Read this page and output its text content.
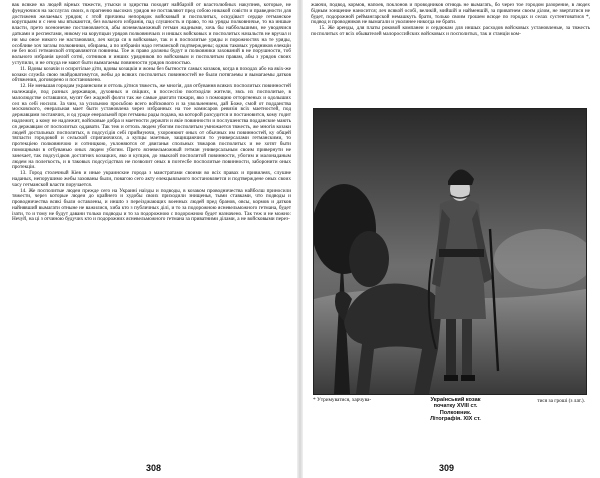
вак всякие на людей вірных тяжести, утыски и здирства походят найбарзій от властолюбных накупнев, которые, не фундуючися на засслугах своих, в прагненю высоких урядов не поставляют пред собою никакой совісти и праведности для достиженя желаемых урядов; с зтой причины непорядок войсковый и посполитых, оскудіваст сердце гетманское корупцыям и с нею мы втыкаются, без вольного избранія, пад слушность и право, то на уряды полковничье, то на иншые власти, прето всенонечне постановляется, абы ясневельможный гетман жадными, хочь бы наббольшими, не уводячися датками и респектами, никому на корупцыи урядов полковничьих и иншых войсковых и посполитых начальств не вручал и ни мы оное никого не настановлял, леч когда ся в войсковые, так и в посполитые уряды и порожностях на те уряды, особливе хоч загазы полковники, обираны, а по избраніи надо гетманской подтверждены; однак таковых урядников елекціи не без волі гетманской отправляются повинны. Тое ж право должны будут и полковники захований в не порушности, тоб вольного избранія целой сотні, сотников и инших урядников по войсковым и посполитым правам, абы з урядов своих уступили, и не откуда не мают быти вымагаемы повинности урядов полностью.

11. Вдовы козачіи и осиротілые діти, вдовы козацкія и жоны без бытности самых козаков, когда в походах або на якіх-же козаки служба свою знайдоватимутся, жебы до всяких посполитых повинностей не были потягаемы и вымагаемы датков обтяжения, договорено и постановлено.

12. Не меньшая городам украинским и оттоль дітися тяжесть, же многія, для отбування всяких посполитых повинностей належащіе, под разных державцов, духовных и свіцких, в поссессію поотходіли жители, звсь их посполитые, в малолюдстве оставшися, мусят без жадной фолги так же самые двигати тяжари, яко з помощию отторгненых и одолыших сел на себі носили. За чим, за усильною просьбою всего войскового и за увольнением, дай Боже, смой от подданства московского, енеральная мает быти установлена через избранных на тое комисаров ревизія всіх маетностей, под державцами зостаючих, и од ураде енеральной при гетманы рады подана, на которой разсудится и постановится, кому годит надлежит, а кому не надлежит, войсковые добра и маетности держати и якіе повинности и послушенства подданские мають ся державцам от посполитых оддавати. Так теж и оттоль людем убогим посполитым умножается тяжесть, же многія козаки людей достальных посполитых, в подсусідія себі приймуючи, ухоронюют оных от обычных им повинностей, ку общей тягласти городовой и сельской спрягаючихся, а купцы маетные, защищаючися то универсалами гетманскими, то протекціею полковничою и сотницкою, уклоняются от двиганья спольных тяжаров посполитых и не хотят быти помощными в отбуванью оных людем убогим. Прето ясневельможный гетман универсальным своим привернути не занехает, так подсусідков достатних козацких, яко и купцов, до звыклой посполитой повинности, убогим и малонаданым людем на полегкость, и в таковых подсусідствах не позволит оных в поэтесбе посполитые повинности, заборонити оных протекціи.

13. Город столечный Кіев и иные украинские города з маистратами своими во всіх правах и привилеях, слушне наданых, непорушимо жебы захованы были, повагою сего акту елекцыяльного постановляется и подтверждене оных своих часу гетманской власти поручается.

14. Же посполитые людеи прежде сего на Украині наізды и подводы, в козаком проводничества найболш приносили тяжести, через которые людеи до крайнего и худобы своих приходили знищенья, тыми ставками, что подводы и проводничества всякі были оставлены, и иншto з переізджающих военных людей пред бранов, овсы, кормов и датков найнявший вымагати отныне не важилися, хиба кто з публичных ділі, и то за подорожною ясневельможного гетмана, будет ізати, то и тому не будут давани только подводы и то за подорожною с подорожною будет назначено. Так теж и не можно: Нечуй, на ці з отчиною будучих кто и подорожних ясневельможного гетмана за приватними ділами, а не войсковыми перез-

308

жаючи, подвод, кормов, напоев, поклонов и проводников отнюдь не вымагать, бо через тое городом разорение, в людех бідным зонщение наносится; леч всякой особі, великій, мийшій и найменшій, за приватнем своєм ділом, не звертатися не будет, подорожной реймангарской немашкуть брати, только своим грошем всюде по городах и селах сустентоватися *, подвод и проводников не вымагали и уколинее никогда не брати.

15. Же аренды, для платы роковой компанеи и сердюкам для иншых расходов войсковых установленые, за тяжесть посполитых от всіх обывателей малороссийских войсковых и посполитых, так и станцiи ком-

* Утримуватися, харчува-	Український козак початку XVIII ст. Полковник. Літографія. XIX ст.
тися за гроші (з лат.).
309
